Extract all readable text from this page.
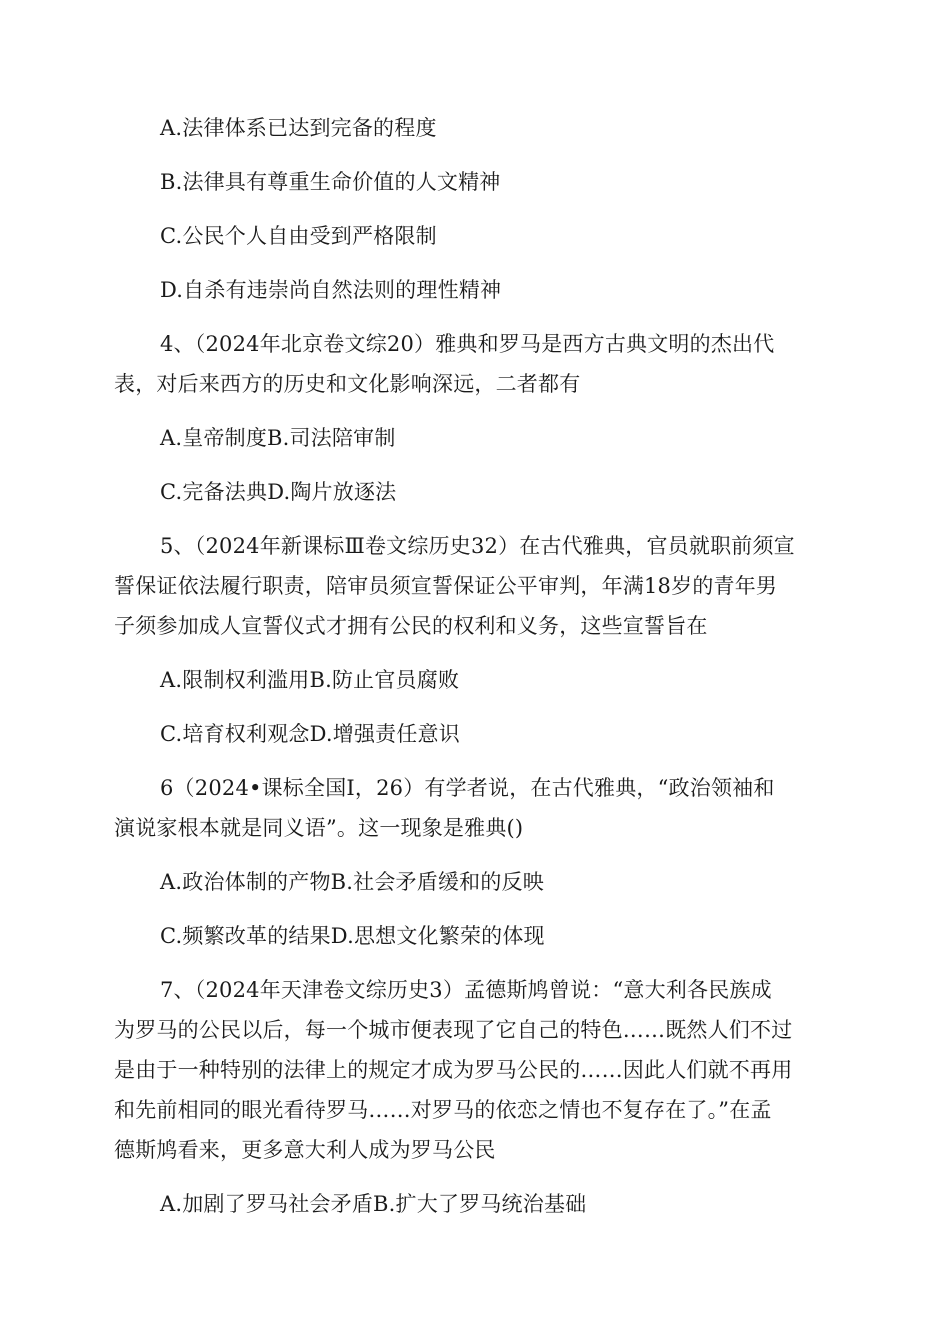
A.法律体系已达到完备的程度
B.法律具有尊重生命价值的人文精神
C.公民个人自由受到严格限制
D.自杀有违崇尚自然法则的理性精神
4、（2024年北京卷文综20）雅典和罗马是西方古典文明的杰出代
表，对后来西方的历史和文化影响深远，二者都有
A.皇帝制度B.司法陪审制
C.完备法典D.陶片放逐法
5、（2024年新课标Ⅲ卷文综历史32）在古代雅典，官员就职前须宣
誓保证依法履行职责，陪审员须宣誓保证公平审判，年满18岁的青年男
子须参加成人宣誓仪式才拥有公民的权利和义务，这些宣誓旨在
A.限制权利滥用B.防止官员腐败
C.培育权利观念D.增强责任意识
6（2024•课标全国Ⅰ，26）有学者说，在古代雅典，“政治领袖和
演说家根本就是同义语”。这一现象是雅典()
A.政治体制的产物B.社会矛盾缓和的反映
C.频繁改革的结果D.思想文化繁荣的体现
7、（2024年天津卷文综历史3）孟德斯鸠曾说：“意大利各民族成
为罗马的公民以后，每一个城市便表现了它自己的特色……既然人们不过
是由于一种特别的法律上的规定才成为罗马公民的……因此人们就不再用
和先前相同的眼光看待罗马……对罗马的依恋之情也不复存在了。”在孟
德斯鸠看来，更多意大利人成为罗马公民
A.加剧了罗马社会矛盾B.扩大了罗马统治基础
